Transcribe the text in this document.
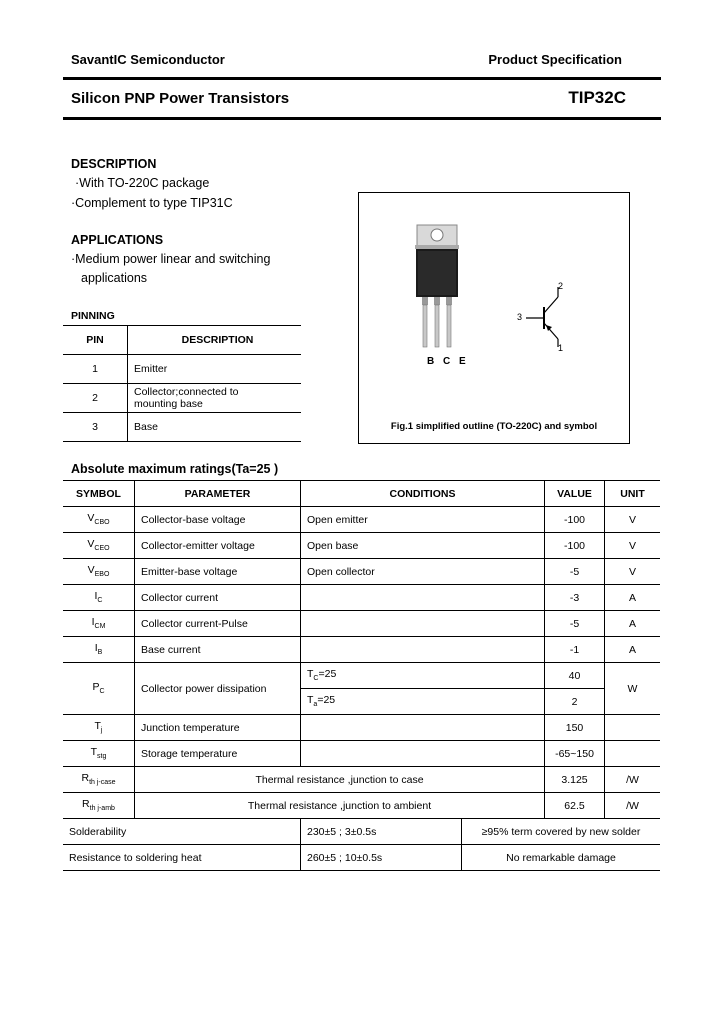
SavantIC Semiconductor	Product Specification
Silicon PNP Power Transistors	TIP32C
DESCRIPTION
·With TO-220C package
·Complement to type TIP31C
APPLICATIONS
·Medium power linear and switching
applications
PINNING
PIN	DESCRIPTION
1	Emitter
2	Collector;connected to mounting base
3	Base
B C E
2
3
1
Fig.1 simplified outline (TO-220C) and symbol
Absolute maximum ratings(Ta=25 )
SYMBOL	PARAMETER	CONDITIONS		VALUE	UNIT
$V_{CBO}$	Collector-base voltage	Open emitter		-100	V
$V_{CEO}$	Collector-emitter voltage	Open base		-100	V
$V_{EBO}$	Emitter-base voltage	Open collector		-5	V
$I_C$	Collector current			-3	A
$I_{CM}$	Collector current-Pulse			-5	A
$I_B$	Base current			-1	A
$P_C$	Collector power dissipation	$T_C=25$		40	W
		$T_a=25$		2	
$T_j$	Junction temperature			150	
$T_{stg}$	Storage temperature			-65~150	
$R_{th j-case}$	Thermal resistance ,junction to case			3.125	/W
$R_{th j-amb}$	Thermal resistance ,junction to ambient			62.5	/W
Solderability		230±5 ; 3±0.5s	≥95% term covered by new solder		
Resistance to soldering heat		260±5 ; 10±0.5s	No remarkable damage		
